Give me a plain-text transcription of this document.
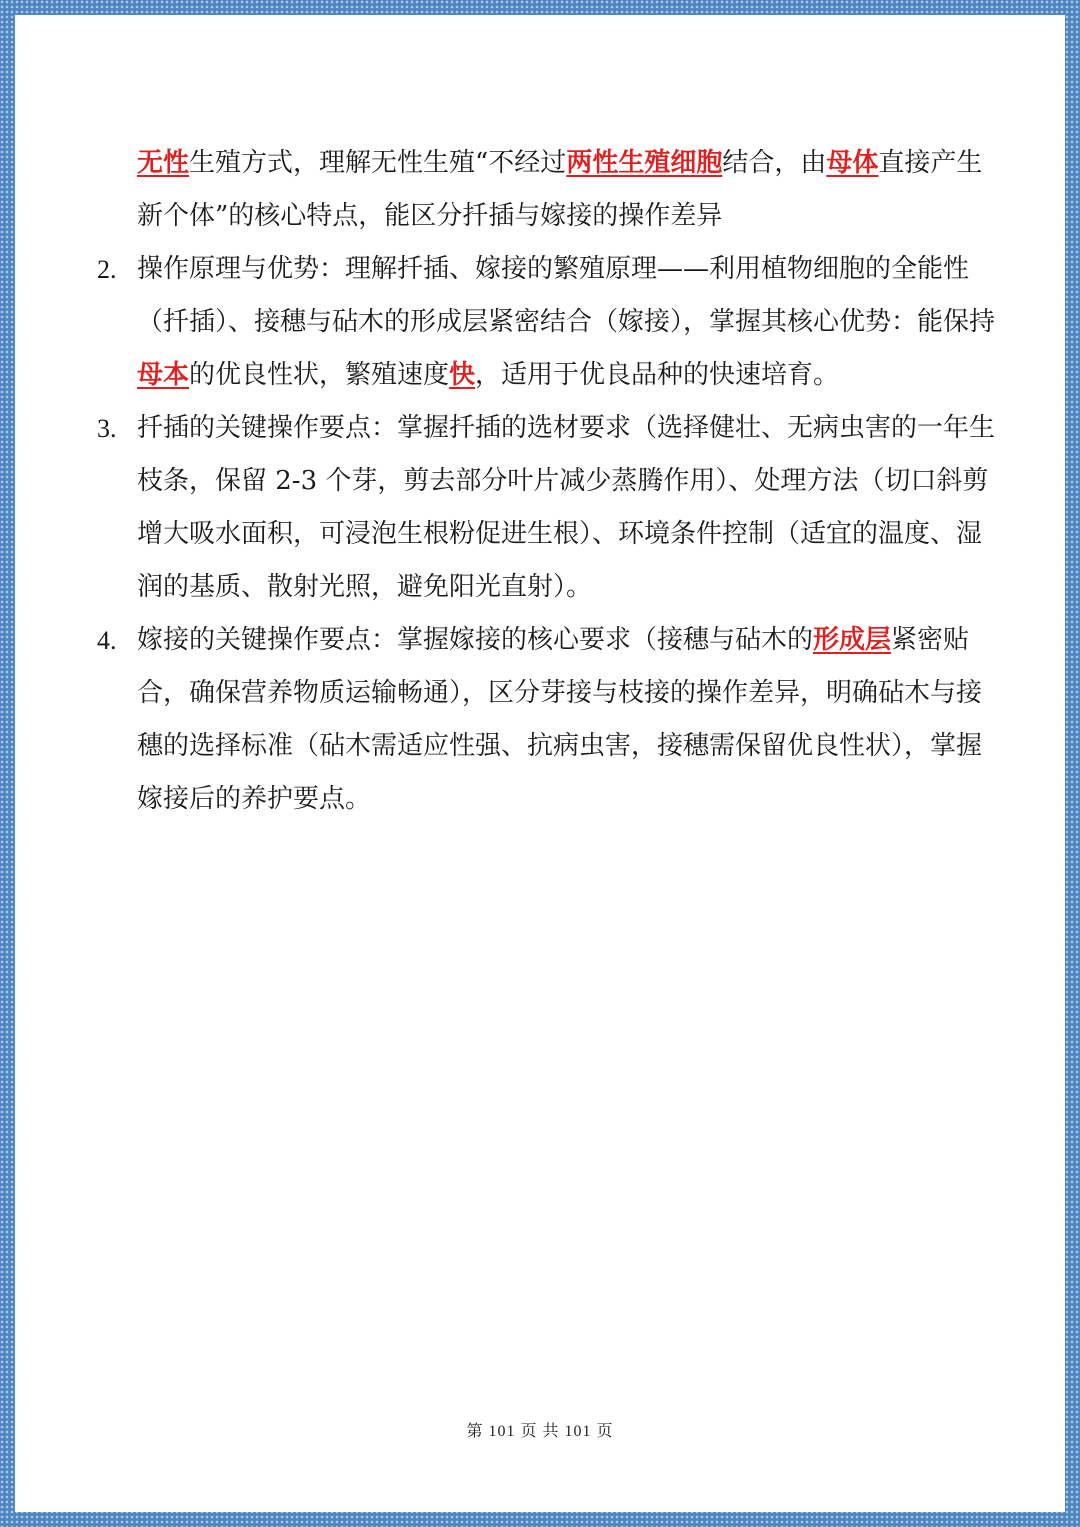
无性生殖方式，理解无性生殖“不经过两性生殖细胞结合，由母体直接产生新个体”的核心特点，能区分扦插与嫁接的操作差异

2. 操作原理与优势：理解扦插、嫁接的繁殖原理——利用植物细胞的全能性（扦插）、接穗与砧木的形成层紧密结合（嫁接），掌握其核心优势：能保持母本的优良性状，繁殖速度快，适用于优良品种的快速培育。

3. 扦插的关键操作要点：掌握扦插的选材要求（选择健壮、无病虫害的一年生枝条，保留 2-3 个芽，剪去部分叶片减少蒸腾作用）、处理方法（切口斜剪增大吸水面积，可浸泡生根粉促进生根）、环境条件控制（适宜的温度、湿润的基质、散射光照，避免阳光直射）。

4. 嫁接的关键操作要点：掌握嫁接的核心要求（接穗与砧木的形成层紧密贴合，确保营养物质运输畅通），区分芽接与枝接的操作差异，明确砧木与接穗的选择标准（砧木需适应性强、抗病虫害，接穗需保留优良性状），掌握嫁接后的养护要点。

第 101 页 共 101 页
